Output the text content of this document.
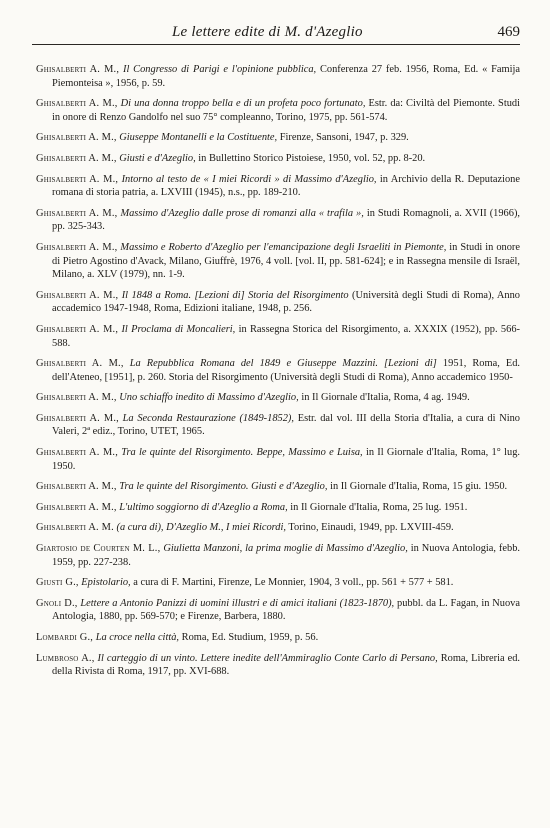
Le lettere edite di M. d'Azeglio	469

Ghisalberti A. M., Il Congresso di Parigi e l'opinione pubblica, Conferenza 27 feb. 1956, Roma, Ed. « Famija Piemonteisa », 1956, p. 59.

Ghisalberti A. M., Di una donna troppo bella e di un profeta poco fortunato, Estr. da: Civiltà del Piemonte. Studi in onore di Renzo Gandolfo nel suo 75° compleanno, Torino, 1975, pp. 561-574.

Ghisalberti A. M., Giuseppe Montanelli e la Costituente, Firenze, Sansoni, 1947, p. 329.

Ghisalberti A. M., Giusti e d'Azeglio, in Bullettino Storico Pistoiese, 1950, vol. 52, pp. 8-20.

Ghisalberti A. M., Intorno al testo de « I miei Ricordi » di Massimo d'Azeglio, in Archivio della R. Deputazione romana di storia patria, a. LXVIII (1945), n.s., pp. 189-210.

Ghisalberti A. M., Massimo d'Azeglio dalle prose di romanzi alla « trafila », in Studi Romagnoli, a. XVII (1966), pp. 325-343.

Ghisalberti A. M., Massimo e Roberto d'Azeglio per l'emancipazione degli Israeliti in Piemonte, in Studi in onore di Pietro Agostino d'Avack, Milano, Giuffrè, 1976, 4 voll. [vol. II, pp. 581-624]; e in Rassegna mensile di Israël, Milano, a. XLV (1979), nn. 1-9.

Ghisalberti A. M., Il 1848 a Roma. [Lezioni di] Storia del Risorgimento (Università degli Studi di Roma), Anno accademico 1947-1948, Roma, Edizioni italiane, 1948, p. 256.

Ghisalberti A. M., Il Proclama di Moncalieri, in Rassegna Storica del Risorgimento, a. XXXIX (1952), pp. 566-588.

Ghisalberti A. M., La Repubblica Romana del 1849 e Giuseppe Mazzini. [Lezioni di] 1951, Roma, Ed. dell'Ateneo, [1951], p. 260. Storia del Risorgimento (Università degli Studi di Roma), Anno accademico 1950-

Ghisalberti A. M., Uno schiaffo inedito di Massimo d'Azeglio, in Il Giornale d'Italia, Roma, 4 ag. 1949.

Ghisalberti A. M., La Seconda Restaurazione (1849-1852), Estr. dal vol. III della Storia d'Italia, a cura di Nino Valeri, 2ª ediz., Torino, UTET, 1965.

Ghisalberti A. M., Tra le quinte del Risorgimento. Beppe, Massimo e Luisa, in Il Giornale d'Italia, Roma, 1° lug. 1950.

Ghisalberti A. M., Tra le quinte del Risorgimento. Giusti e d'Azeglio, in Il Giornale d'Italia, Roma, 15 giu. 1950.

Ghisalberti A. M., L'ultimo soggiorno di d'Azeglio a Roma, in Il Giornale d'Italia, Roma, 25 lug. 1951.

Ghisalberti A. M. (a cura di), D'Azeglio M., I miei Ricordi, Torino, Einaudi, 1949, pp. LXVIII-459.

Giartosio de Courten M. L., Giulietta Manzoni, la prima moglie di Massimo d'Azeglio, in Nuova Antologia, febb. 1959, pp. 227-238.

Giusti G., Epistolario, a cura di F. Martini, Firenze, Le Monnier, 1904, 3 voll., pp. 561 + 577 + 581.

Gnoli D., Lettere a Antonio Panizzi di uomini illustri e di amici italiani (1823-1870), pubbl. da L. Fagan, in Nuova Antologia, 1880, pp. 569-570; e Firenze, Barbera, 1880.

Lombardi G., La croce nella città, Roma, Ed. Studium, 1959, p. 56.

Lumbroso A., Il carteggio di un vinto. Lettere inedite dell'Ammiraglio Conte Carlo di Persano, Roma, Libreria ed. della Rivista di Roma, 1917, pp. XVI-688.
